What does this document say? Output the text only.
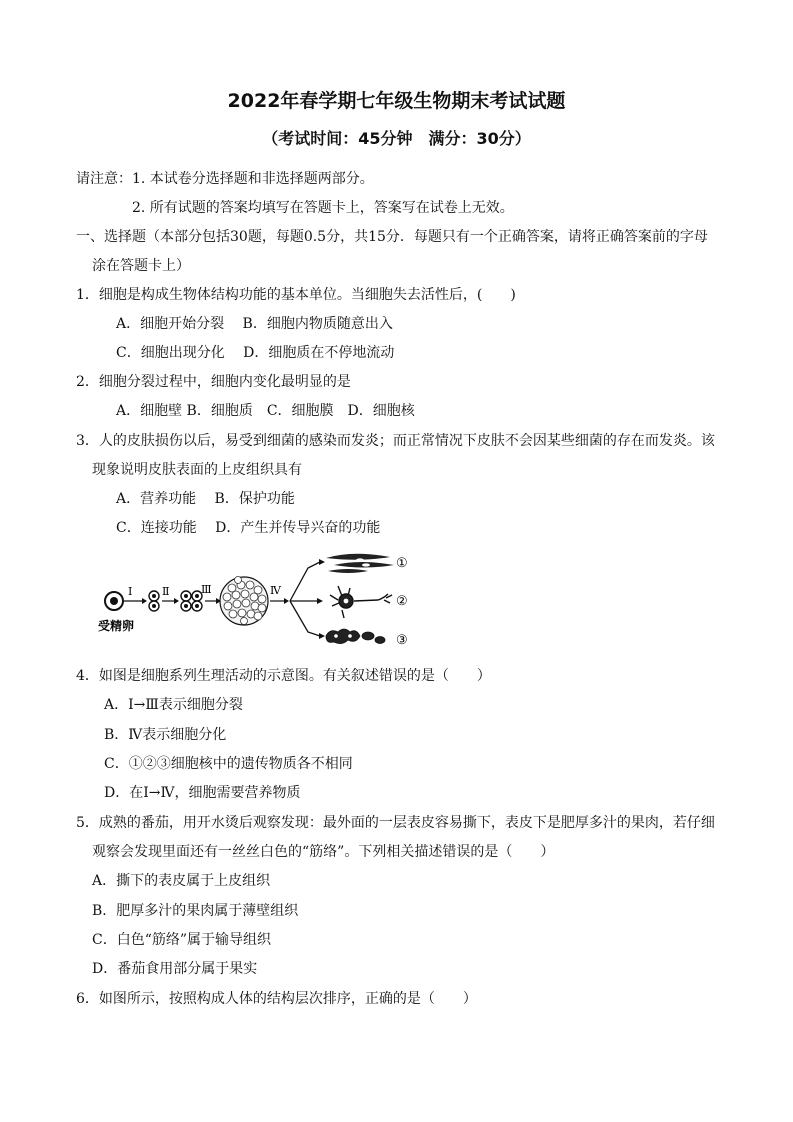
2022年春学期七年级生物期末考试试题
（考试时间：45分钟　满分：30分）
请注意：1. 本试卷分选择题和非选择题两部分。
2. 所有试题的答案均填写在答题卡上，答案写在试卷上无效。
一、选择题（本部分包括30题，每题0.5分，共15分．每题只有一个正确答案，请将正确答案前的字母
涂在答题卡上）
1．细胞是构成生物体结构功能的基本单位。当细胞失去活性后，(　　)
A．细胞开始分裂　 B．细胞内物质随意出入
C．细胞出现分化　 D．细胞质在不停地流动
2．细胞分裂过程中，细胞内变化最明显的是
A．细胞壁 B．细胞质　C．细胞膜　D．细胞核
3．人的皮肤损伤以后，易受到细菌的感染而发炎；而正常情况下皮肤不会因某些细菌的存在而发炎。该
现象说明皮肤表面的上皮组织具有
A．营养功能　 B．保护功能
C．连接功能　 D．产生并传导兴奋的功能
受精卵
Ⅰ	Ⅱ	Ⅲ	Ⅳ
①
②
③
4．如图是细胞系列生理活动的示意图。有关叙述错误的是（　　）
A．Ⅰ→Ⅲ表示细胞分裂
B．Ⅳ表示细胞分化
C．①②③细胞核中的遗传物质各不相同
D．在Ⅰ→Ⅳ，细胞需要营养物质
5．成熟的番茄，用开水烫后观察发现：最外面的一层表皮容易撕下，表皮下是肥厚多汁的果肉，若仔细
观察会发现里面还有一丝丝白色的“筋络”。下列相关描述错误的是（　　）
A．撕下的表皮属于上皮组织
B．肥厚多汁的果肉属于薄壁组织
C．白色“筋络”属于输导组织
D．番茄食用部分属于果实
6．如图所示，按照构成人体的结构层次排序，正确的是（　　）
